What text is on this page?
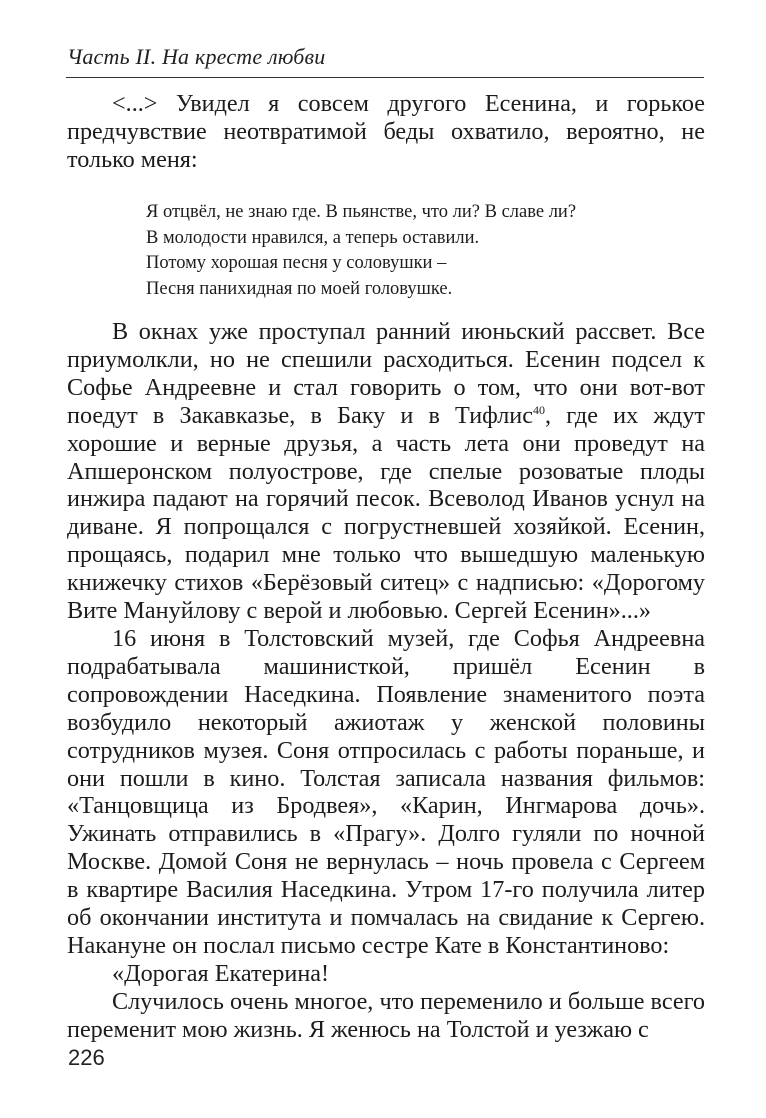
Часть II. На кресте любви

<...> Увидел я совсем другого Есенина, и горькое предчувствие неотвратимой беды охватило, вероятно, не только меня:

Я отцвёл, не знаю где. В пьянстве, что ли? В славе ли?
В молодости нравился, а теперь оставили.
Потому хорошая песня у соловушки –
Песня панихидная по моей головушке.

В окнах уже проступал ранний июньский рассвет. Все приумолкли, но не спешили расходиться. Есенин подсел к Софье Андреевне и стал говорить о том, что они вот-вот поедут в Закавказье, в Баку и в Тифлис$^{40}$, где их ждут хорошие и верные друзья, а часть лета они проведут на Апшеронском полуострове, где спелые розоватые плоды инжира падают на горячий песок. Всеволод Иванов уснул на диване. Я попрощался с погрустневшей хозяйкой. Есенин, прощаясь, подарил мне только что вышедшую маленькую книжечку стихов «Берёзовый ситец» с надписью: «Дорогому Вите Мануйлову с верой и любовью. Сергей Есенин»...»

16 июня в Толстовский музей, где Софья Андреевна подрабатывала машинисткой, пришёл Есенин в сопровождении Наседкина. Появление знаменитого поэта возбудило некоторый ажиотаж у женской половины сотрудников музея. Соня отпросилась с работы пораньше, и они пошли в кино. Толстая записала названия фильмов: «Танцовщица из Бродвея», «Карин, Ингмарова дочь». Ужинать отправились в «Прагу». Долго гуляли по ночной Москве. Домой Соня не вернулась – ночь провела с Сергеем в квартире Василия Наседкина. Утром 17-го получила литер об окончании института и помчалась на свидание к Сергею. Накануне он послал письмо сестре Кате в Константиново:

«Дорогая Екатерина!

Случилось очень многое, что переменило и больше всего переменит мою жизнь. Я женюсь на Толстой и уезжаю с

226
